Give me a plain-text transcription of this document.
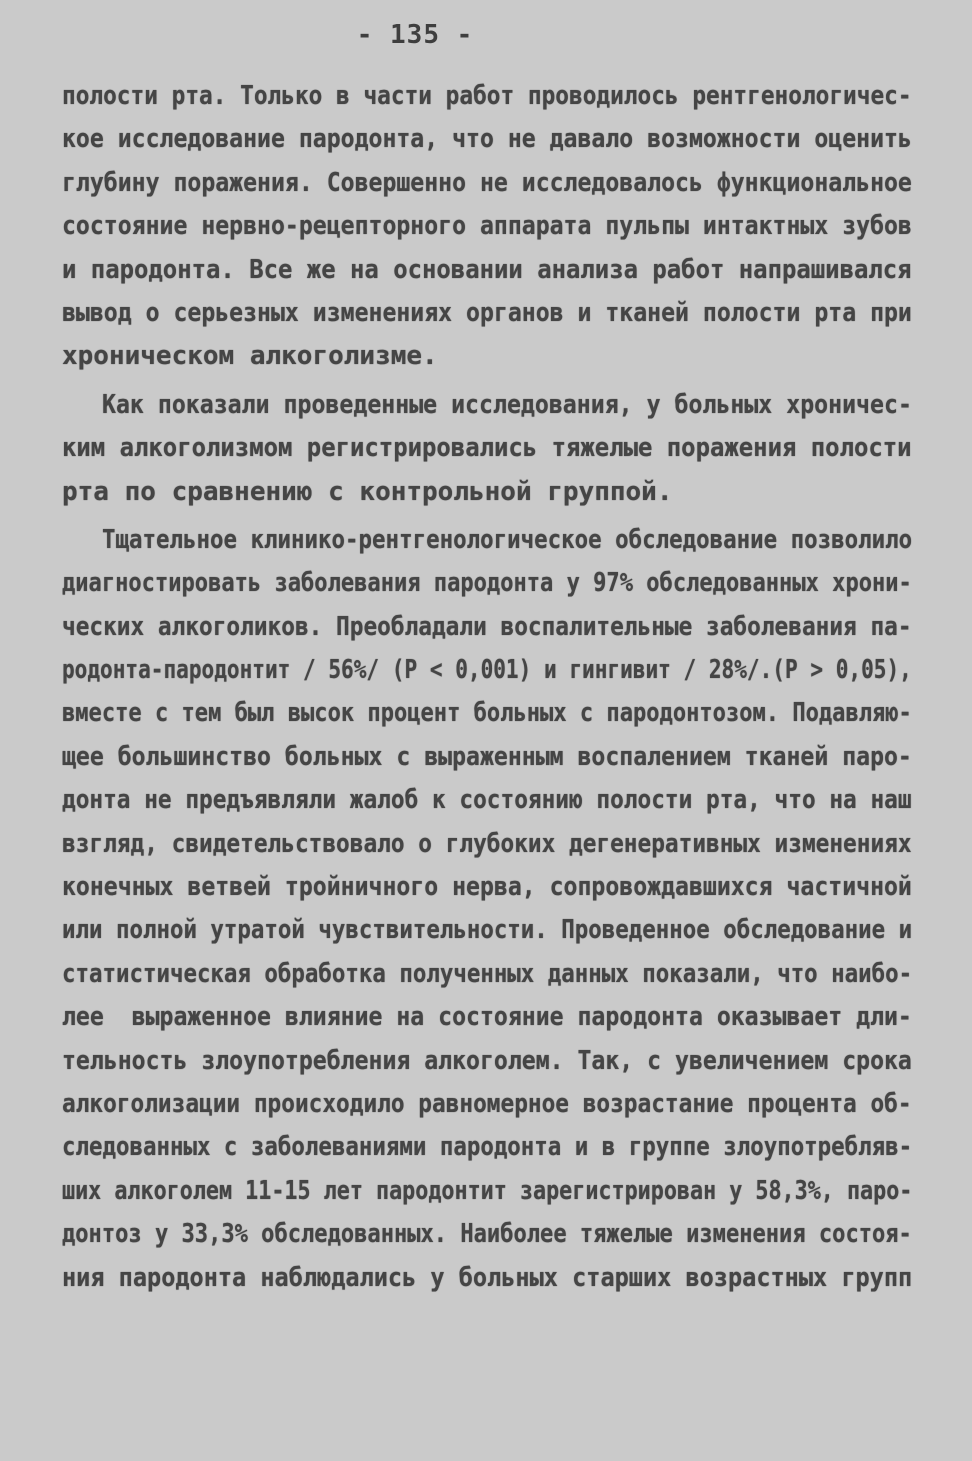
- 135 -
полости рта. Только в части работ проводилось рентгенологичес-
кое исследование пародонта, что не давало возможности оценить
глубину поражения. Совершенно не исследовалось функциональное
состояние нервно-рецепторного аппарата пульпы интактных зубов
и пародонта. Все же на основании анализа работ напрашивался
вывод о серьезных изменениях органов и тканей полости рта при
хроническом алкоголизме.
Как показали проведенные исследования, у больных хроничес-
ким алкоголизмом регистрировались тяжелые поражения полости
рта по сравнению с контрольной группой.
Тщательное клинико-рентгенологическое обследование позволило
диагностировать заболевания пародонта у 97% обследованных хрони-
ческих алкоголиков. Преобладали воспалительные заболевания па-
родонта-пародонтит / 56%/ (P < 0,001) и гингивит / 28%/.(P > 0,05),
вместе с тем был высок процент больных с пародонтозом. Подавляю-
щее большинство больных с выраженным воспалением тканей паро-
донта не предъявляли жалоб к состоянию полости рта, что на наш
взгляд, свидетельствовало о глубоких дегенеративных изменениях
конечных ветвей тройничного нерва, сопровождавшихся частичной
или полной утратой чувствительности. Проведенное обследование и
статистическая обработка полученных данных показали, что наибо-
лее  выраженное влияние на состояние пародонта оказывает дли-
тельность злоупотребления алкоголем. Так, с увеличением срока
алкоголизации происходило равномерное возрастание процента об-
следованных с заболеваниями пародонта и в группе злоупотребляв-
ших алкоголем 11-15 лет пародонтит зарегистрирован у 58,3%, паро-
донтоз у 33,3% обследованных. Наиболее тяжелые изменения состоя-
ния пародонта наблюдались у больных старших возрастных групп
